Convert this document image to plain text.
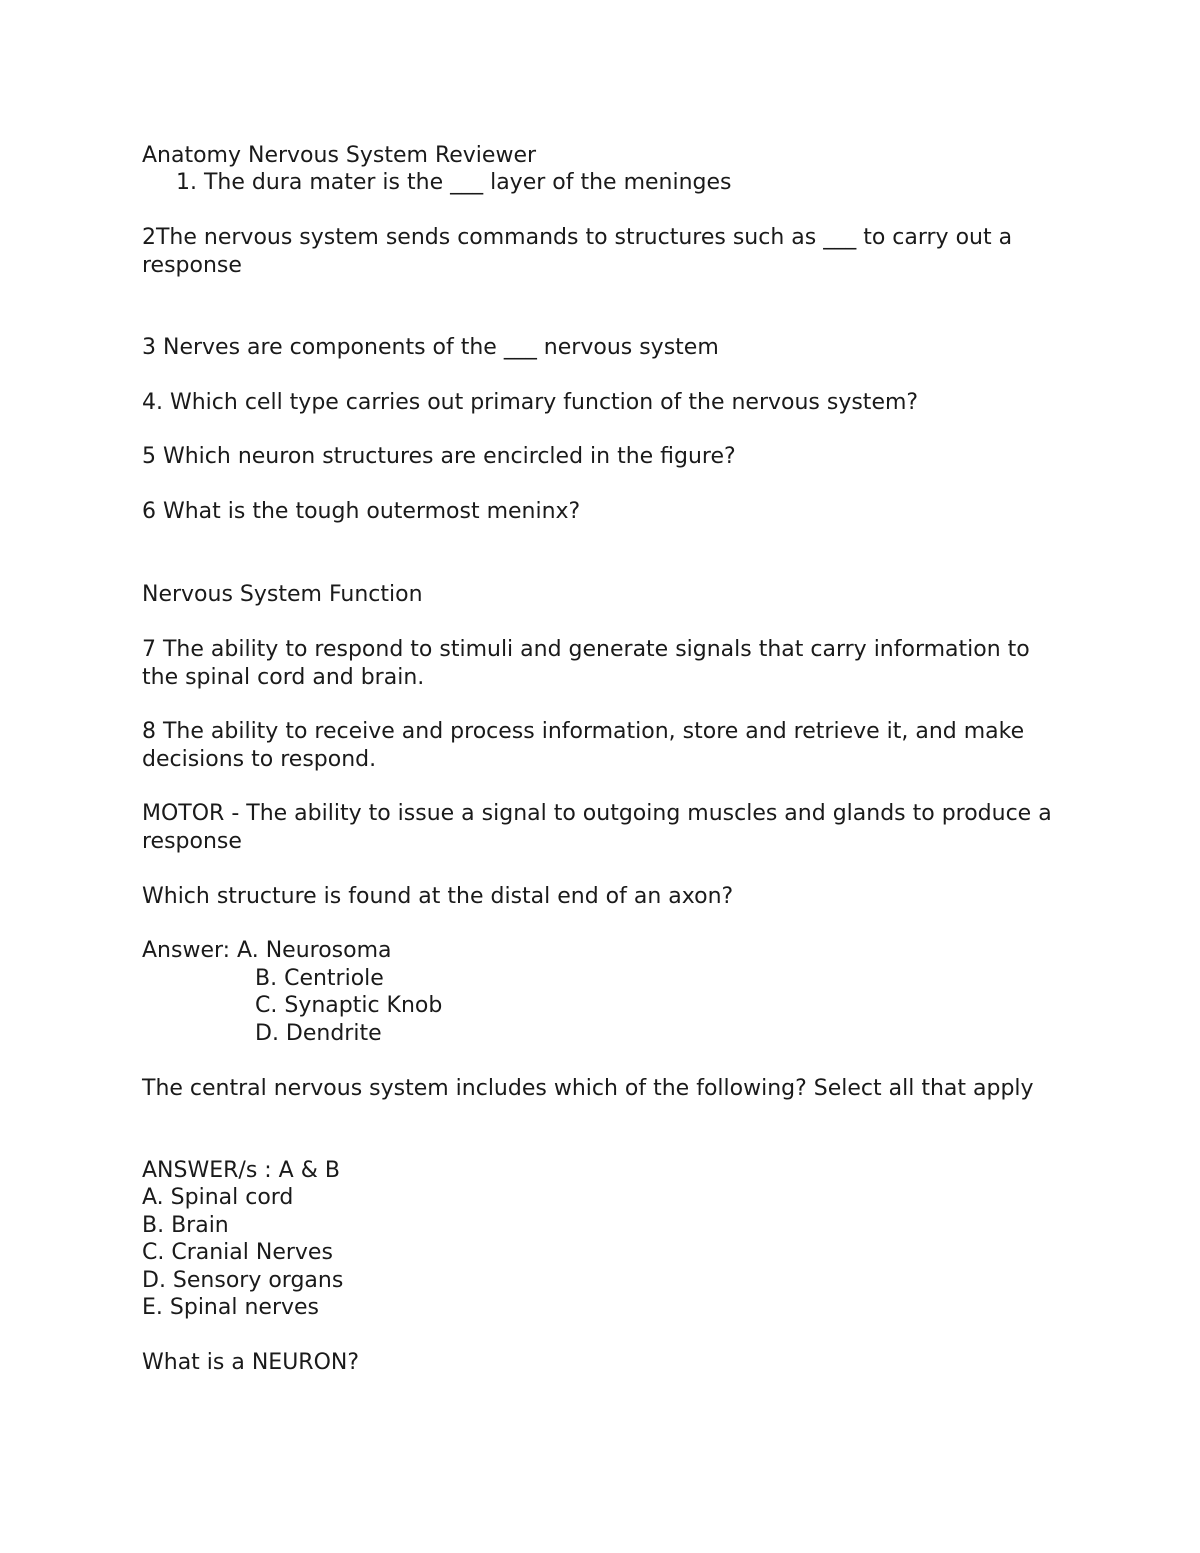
Anatomy Nervous System Reviewer

1. The dura mater is the ___ layer of the meninges

2The nervous system sends commands to structures such as ___ to carry out a response

3 Nerves are components of the ___ nervous system

4. Which cell type carries out primary function of the nervous system?

5 Which neuron structures are encircled in the figure?

6 What is the tough outermost meninx?

Nervous System Function

7 The ability to respond to stimuli and generate signals that carry information to the spinal cord and brain.

8 The ability to receive and process information, store and retrieve it, and make decisions to respond.

MOTOR - The ability to issue a signal to outgoing muscles and glands to produce a response

Which structure is found at the distal end of an axon?

Answer: A. Neurosoma

B. Centriole

C. Synaptic Knob

D. Dendrite

The central nervous system includes which of the following? Select all that apply

ANSWER/s : A & B

A. Spinal cord

B. Brain

C. Cranial Nerves

D. Sensory organs

E. Spinal nerves

What is a NEURON?
